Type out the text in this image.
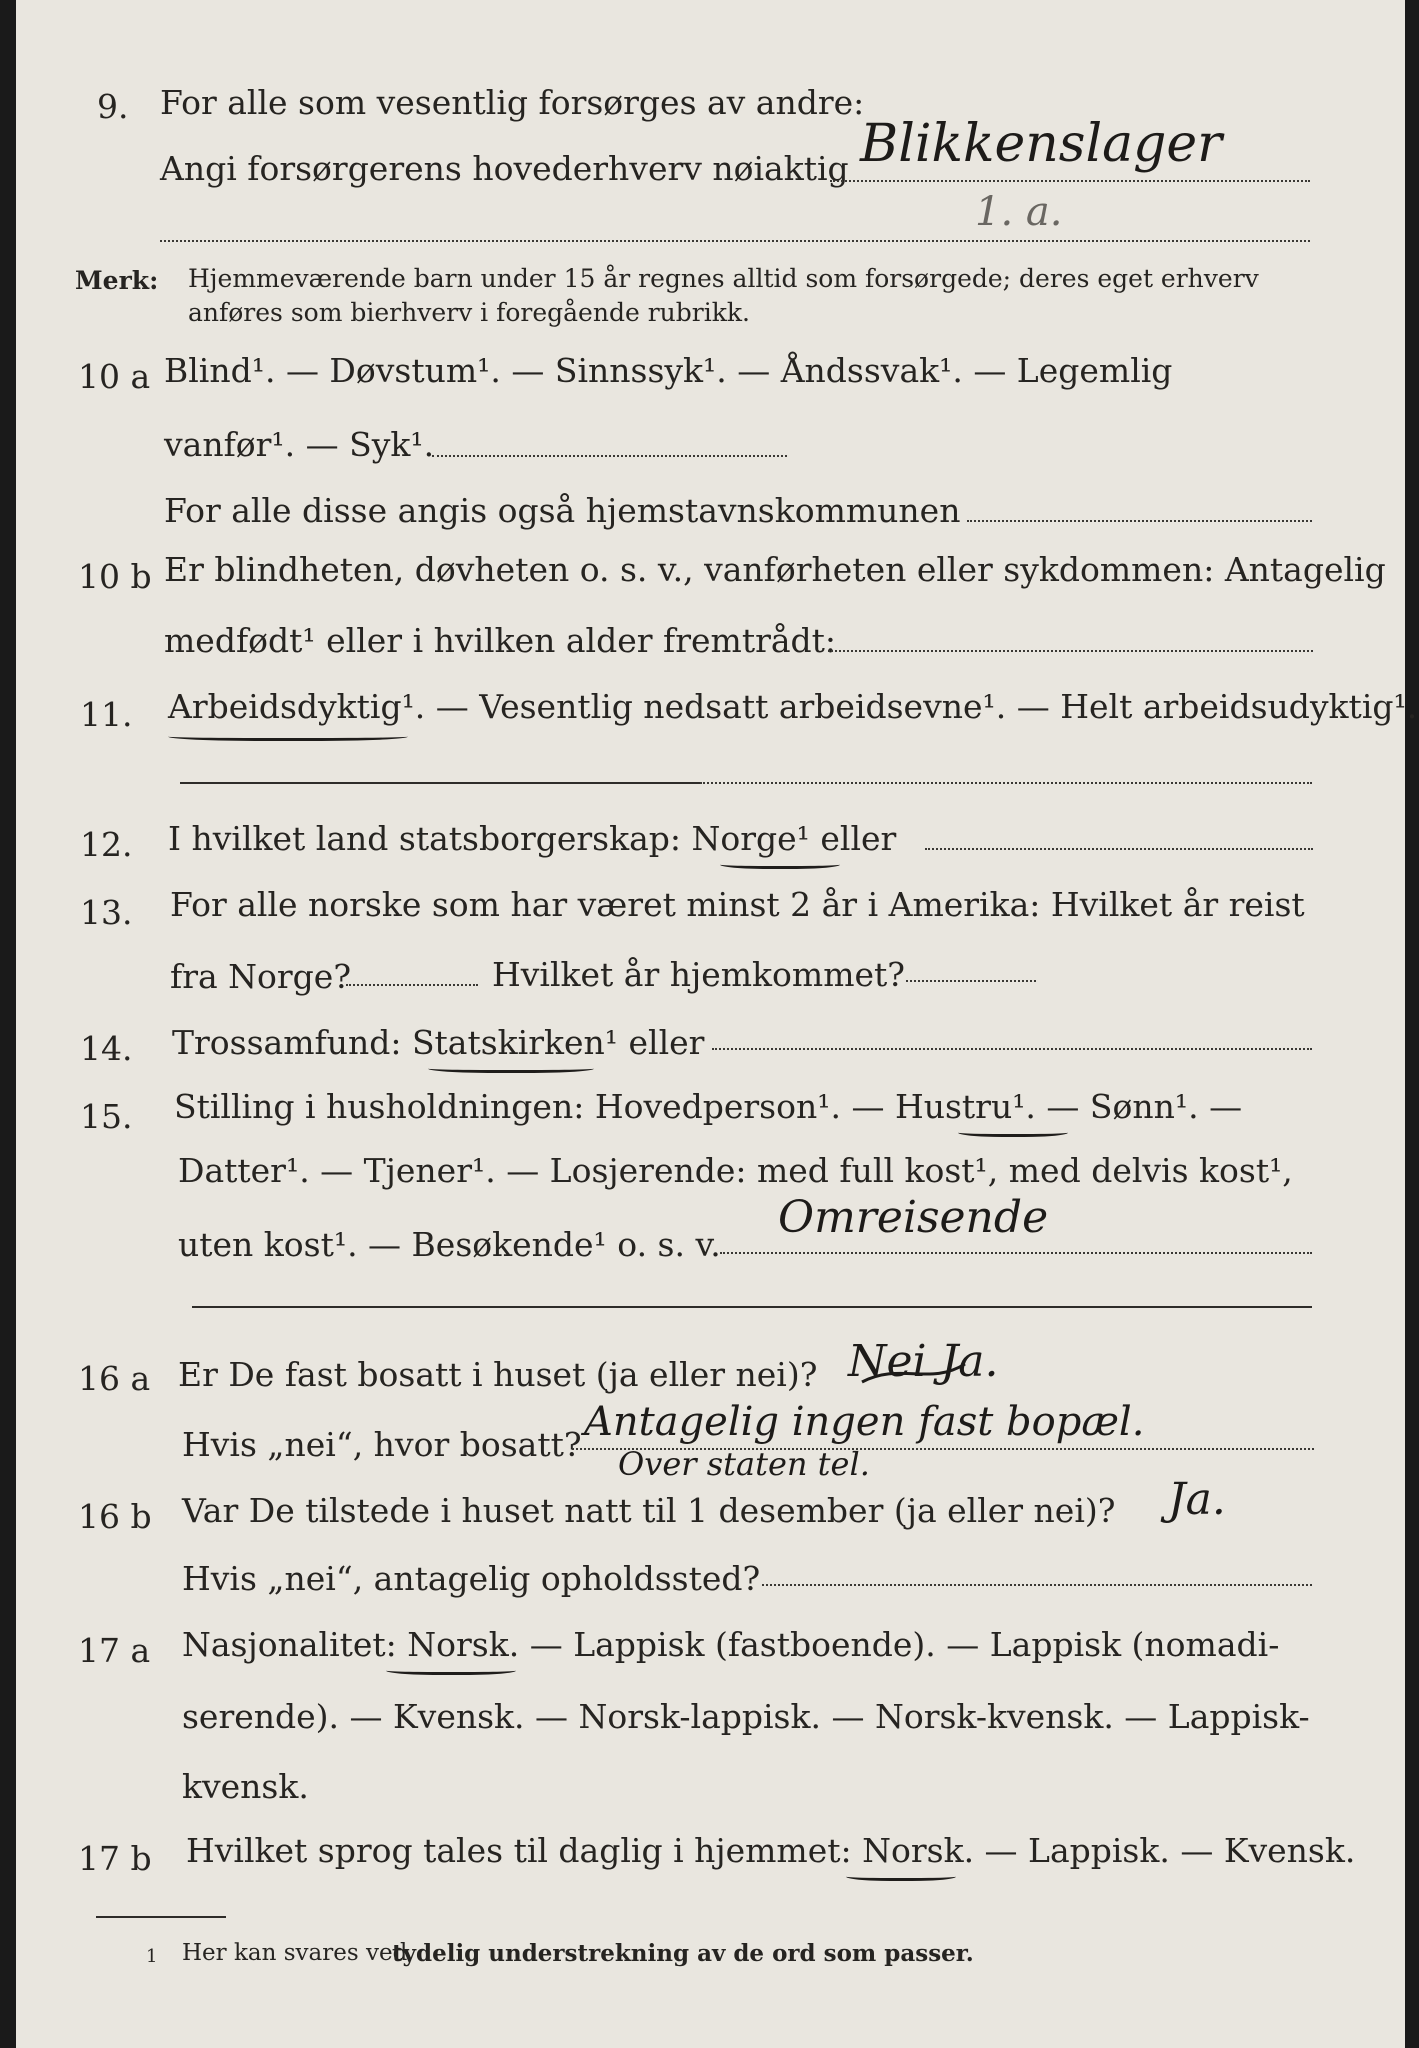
9. For alle som vesentlig forsørges av andre:
Angi forsørgerens hovederhverv nøiaktig Blikkenslager
1. a.
Merk: Hjemmeværende barn under 15 år regnes alltid som forsørgede; deres eget erhverv
anføres som bierhverv i foregående rubrikk.
10 a Blind¹. — Døvstum¹. — Sinnssyk¹. — Åndssvak¹. — Legemlig
vanfør¹. — Syk¹.
For alle disse angis også hjemstavnskommunen
10 b Er blindheten, døvheten o. s. v., vanførheten eller sykdommen: Antagelig
medfødt¹ eller i hvilken alder fremtrådt:
11. Arbeidsdyktig¹. — Vesentlig nedsatt arbeidsevne¹. — Helt arbeidsudyktig¹.
12. I hvilket land statsborgerskap: Norge¹ eller
13. For alle norske som har været minst 2 år i Amerika: Hvilket år reist
fra Norge?	Hvilket år hjemkommet?
14. Trossamfund: Statskirken¹ eller
15. Stilling i husholdningen: Hovedperson¹. — Hustru¹. — Sønn¹. —
Datter¹. — Tjener¹. — Losjerende: med full kost¹, med delvis kost¹,
uten kost¹. — Besøkende¹ o. s. v.
Omreisende
16 a Er De fast bosatt i huset (ja eller nei)? Nei Ja.
Hvis „nei“, hvor bosatt? Antagelig ingen fast bopæl.
Over staten tel.
16 b Var De tilstede i huset natt til 1 desember (ja eller nei)? Ja.
Hvis „nei“, antagelig opholdssted?
17 a Nasjonalitet: Norsk. — Lappisk (fastboende). — Lappisk (nomadi-
serende). — Kvensk. — Norsk-lappisk. — Norsk-kvensk. — Lappisk-
kvensk.
17 b Hvilket sprog tales til daglig i hjemmet: Norsk. — Lappisk. — Kvensk.
1 Her kan svares ved
tydelig understrekning av de ord som passer.
